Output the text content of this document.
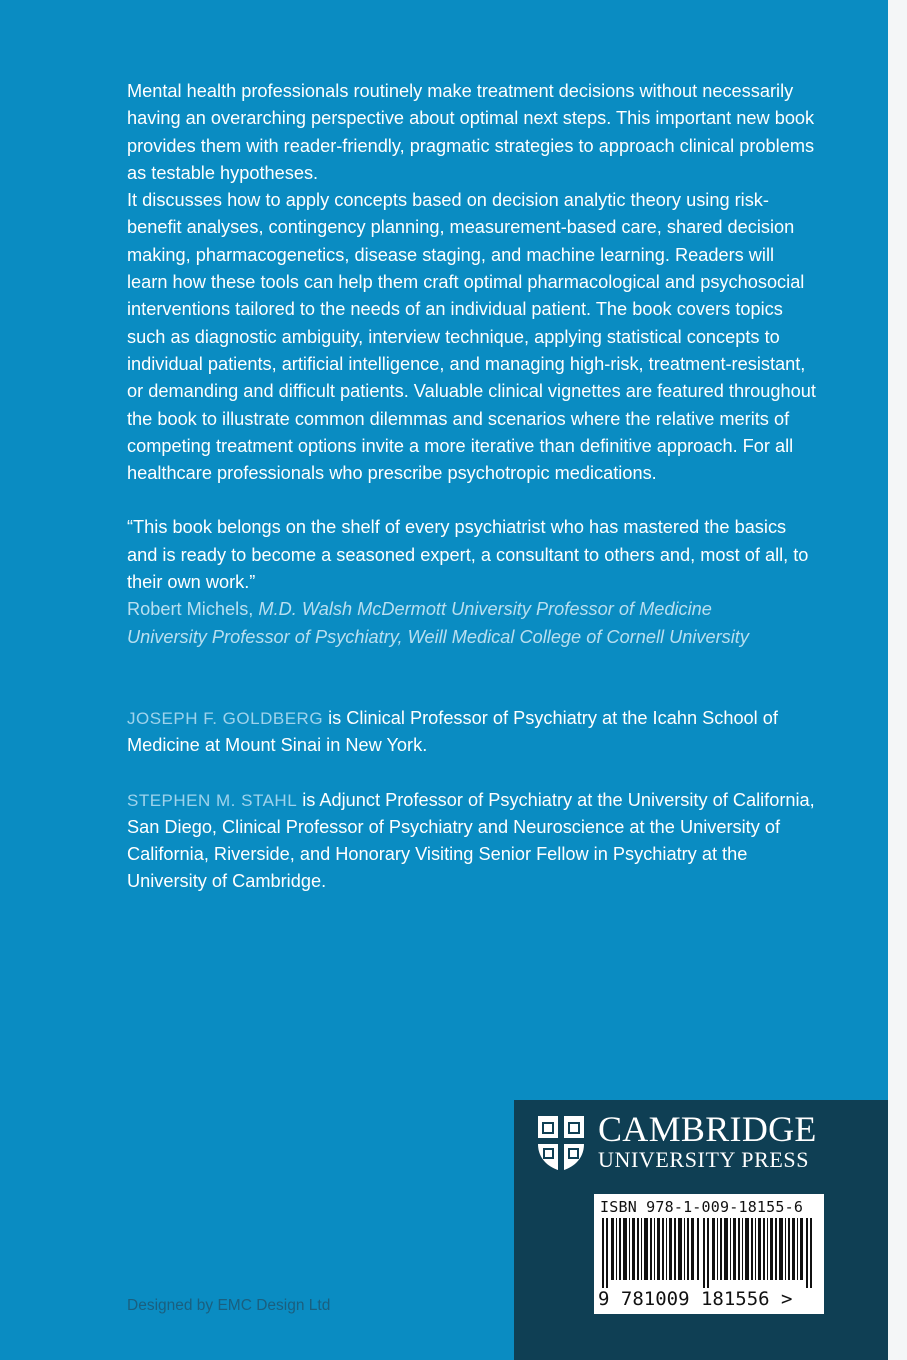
Mental health professionals routinely make treatment decisions without necessarily having an overarching perspective about optimal next steps. This important new book provides them with reader-friendly, pragmatic strategies to approach clinical problems as testable hypotheses.

It discusses how to apply concepts based on decision analytic theory using risk-benefit analyses, contingency planning, measurement-based care, shared decision making, pharmacogenetics, disease staging, and machine learning. Readers will learn how these tools can help them craft optimal pharmacological and psychosocial interventions tailored to the needs of an individual patient. The book covers topics such as diagnostic ambiguity, interview technique, applying statistical concepts to individual patients, artificial intelligence, and managing high-risk, treatment-resistant, or demanding and difficult patients. Valuable clinical vignettes are featured throughout the book to illustrate common dilemmas and scenarios where the relative merits of competing treatment options invite a more iterative than definitive approach. For all healthcare professionals who prescribe psychotropic medications.

“This book belongs on the shelf of every psychiatrist who has mastered the basics and is ready to become a seasoned expert, a consultant to others and, most of all, to their own work.”
Robert Michels, M.D. Walsh McDermott University Professor of Medicine
University Professor of Psychiatry, Weill Medical College of Cornell University

JOSEPH F. GOLDBERG is Clinical Professor of Psychiatry at the Icahn School of Medicine at Mount Sinai in New York.

STEPHEN M. STAHL is Adjunct Professor of Psychiatry at the University of California, San Diego, Clinical Professor of Psychiatry and Neuroscience at the University of California, Riverside, and Honorary Visiting Senior Fellow in Psychiatry at the University of Cambridge.

Designed by EMC Design Ltd
CAMBRIDGE
UNIVERSITY PRESS
ISBN 978-1-009-18155-6
9 781009 181556 >
